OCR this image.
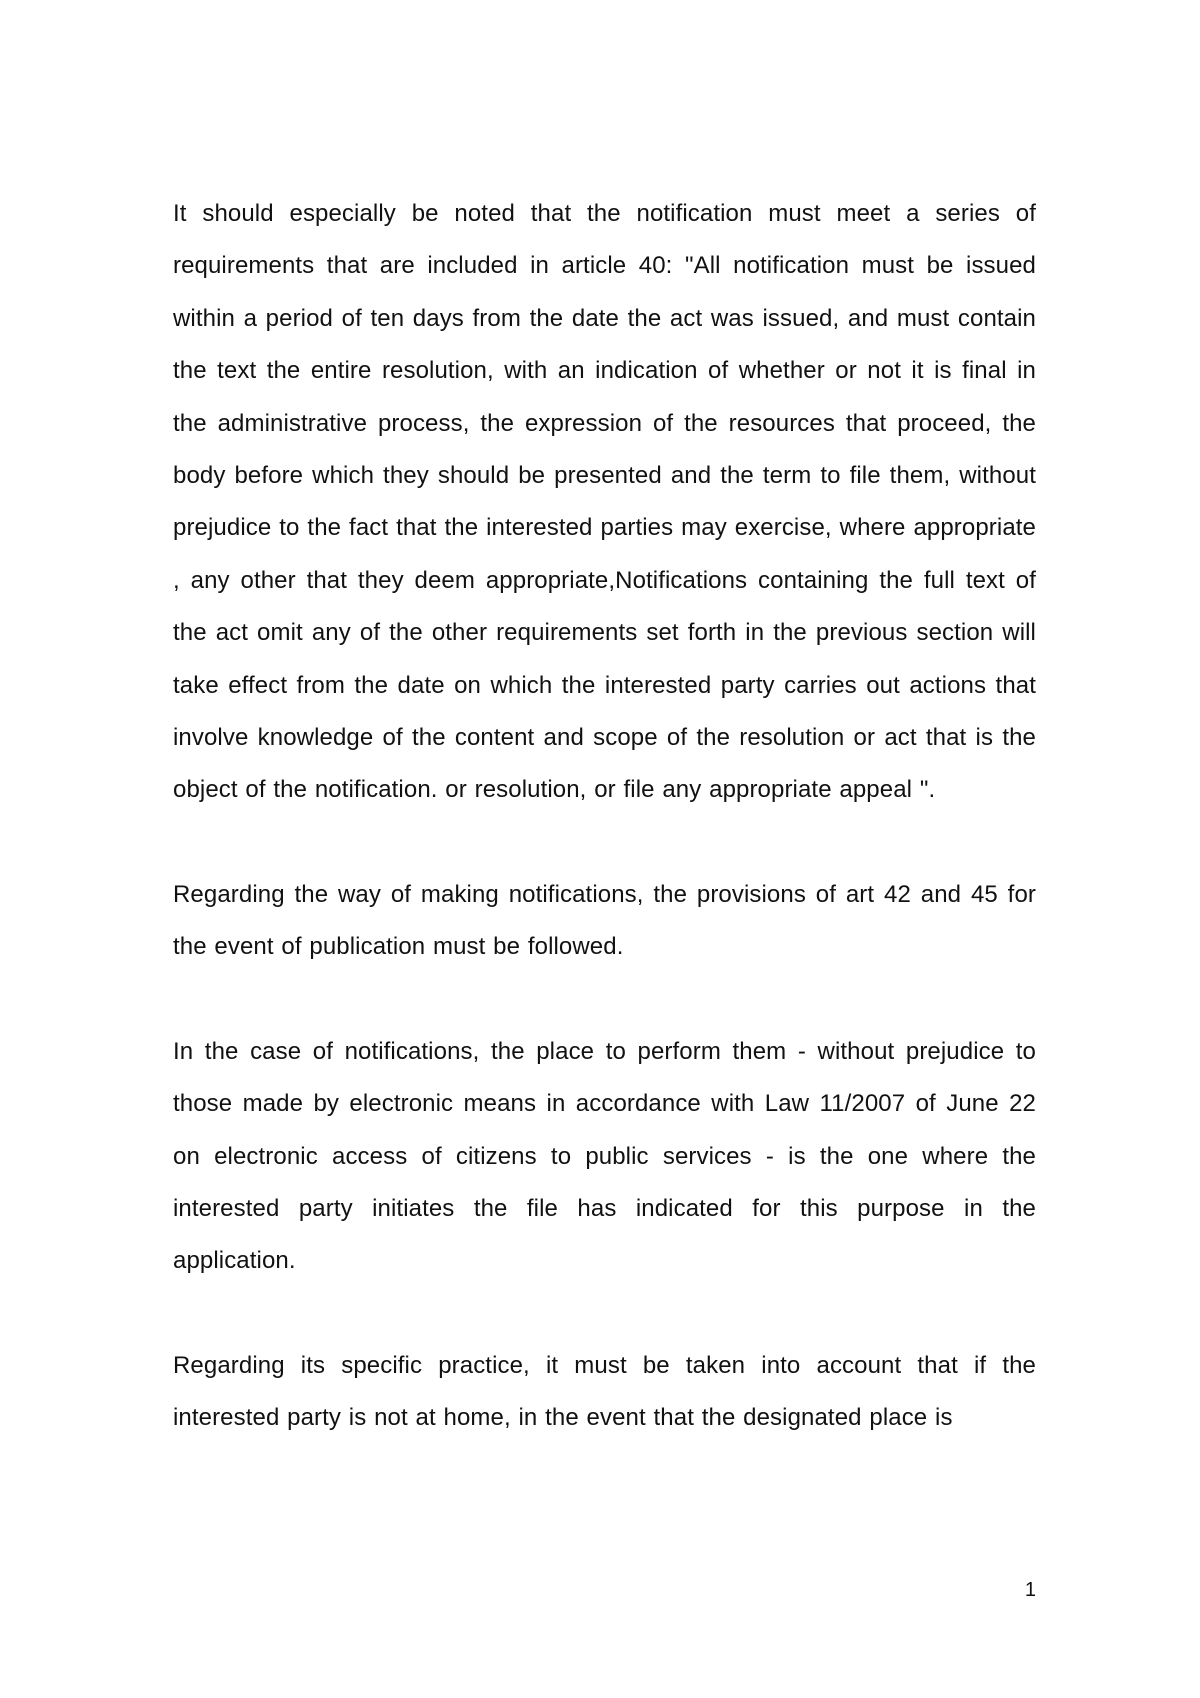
It should especially be noted that the notification must meet a series of requirements that are included in article 40: "All notification must be issued within a period of ten days from the date the act was issued, and must contain the text the entire resolution, with an indication of whether or not it is final in the administrative process, the expression of the resources that proceed, the body before which they should be presented and the term to file them, without prejudice to the fact that the interested parties may exercise, where appropriate , any other that they deem appropriate,Notifications containing the full text of the act omit any of the other requirements set forth in the previous section will take effect from the date on which the interested party carries out actions that involve knowledge of the content and scope of the resolution or act that is the object of the notification. or resolution, or file any appropriate appeal ".

Regarding the way of making notifications, the provisions of art 42 and 45 for the event of publication must be followed.

In the case of notifications, the place to perform them - without prejudice to those made by electronic means in accordance with Law 11/2007 of June 22 on electronic access of citizens to public services - is the one where the interested party initiates the file has indicated for this purpose in the application.

Regarding its specific practice, it must be taken into account that if the interested party is not at home, in the event that the designated place is

1
